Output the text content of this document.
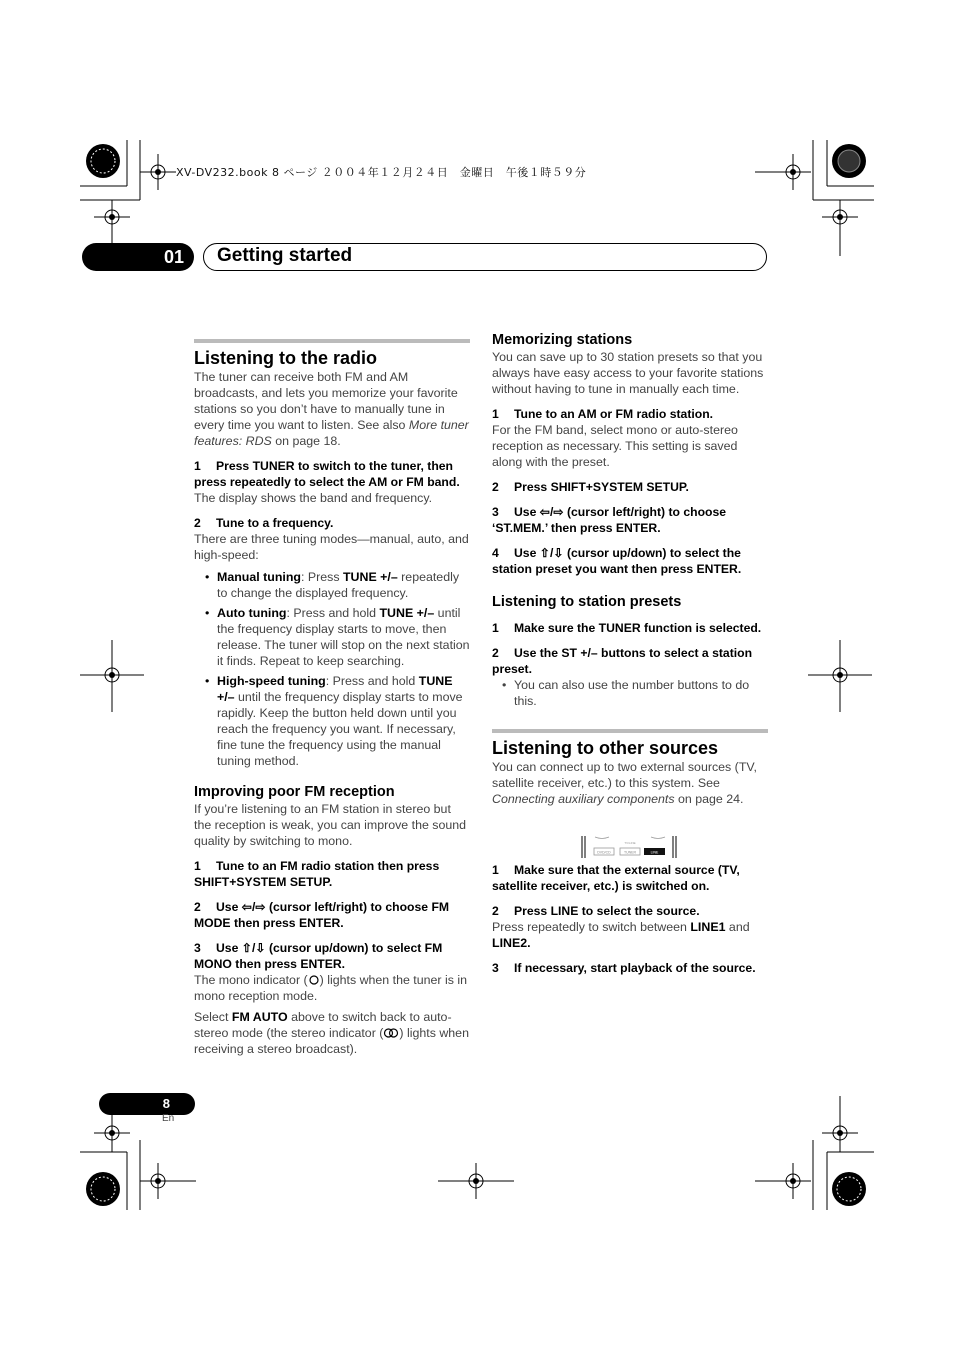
XV-DV232.book 8 ページ ２００４年１２月２４日　金曜日　午後１時５９分
01	Getting started
Listening to the radio

The tuner can receive both FM and AM broadcasts, and lets you memorize your favorite stations so you don’t have to manually tune in every time you want to listen. See also More tuner features: RDS on page 18.

1 Press TUNER to switch to the tuner, then press repeatedly to select the AM or FM band.

The display shows the band and frequency.

2 Tune to a frequency.

There are three tuning modes—manual, auto, and high-speed:

• Manual tuning: Press TUNE +/– repeatedly to change the displayed frequency.
• Auto tuning: Press and hold TUNE +/– until the frequency display starts to move, then release. The tuner will stop on the next station it finds. Repeat to keep searching.
• High-speed tuning: Press and hold TUNE +/– until the frequency display starts to move rapidly. Keep the button held down until you reach the frequency you want. If necessary, fine tune the frequency using the manual tuning method.
Improving poor FM reception

If you’re listening to an FM station in stereo but the reception is weak, you can improve the sound quality by switching to mono.

1 Tune to an FM radio station then press SHIFT+SYSTEM SETUP.

2 Use ⇦/⇨ (cursor left/right) to choose FM MODE then press ENTER.

3 Use ⇧/⇩ (cursor up/down) to select FM MONO then press ENTER.

The mono indicator ( ) lights when the tuner is in mono reception mode.

Select FM AUTO above to switch back to auto-stereo mode (the stereo indicator ( ) lights when receiving a stereo broadcast).

Memorizing stations

You can save up to 30 station presets so that you always have easy access to your favorite stations without having to tune in manually each time.

1 Tune to an AM or FM radio station.

For the FM band, select mono or auto-stereo reception as necessary. This setting is saved along with the preset.

2 Press SHIFT+SYSTEM SETUP.

3 Use ⇦/⇨ (cursor left/right) to choose ‘ST.MEM.’ then press ENTER.

4 Use ⇧/⇩ (cursor up/down) to select the station preset you want then press ENTER.

Listening to station presets

1 Make sure the TUNER function is selected.

2 Use the ST +/– buttons to select a station preset.

• You can also use the number buttons to do this.

Listening to other sources

You can connect up to two external sources (TV, satellite receiver, etc.) to this system. See Connecting auxiliary components on page 24.

1 Make sure that the external source (TV, satellite receiver, etc.) is switched on.

2 Press LINE to select the source.

Press repeatedly to switch between LINE1 and LINE2.

3 If necessary, start playback of the source.

DVD/CD	TUNER	LINE
TV/LINE
8
En
